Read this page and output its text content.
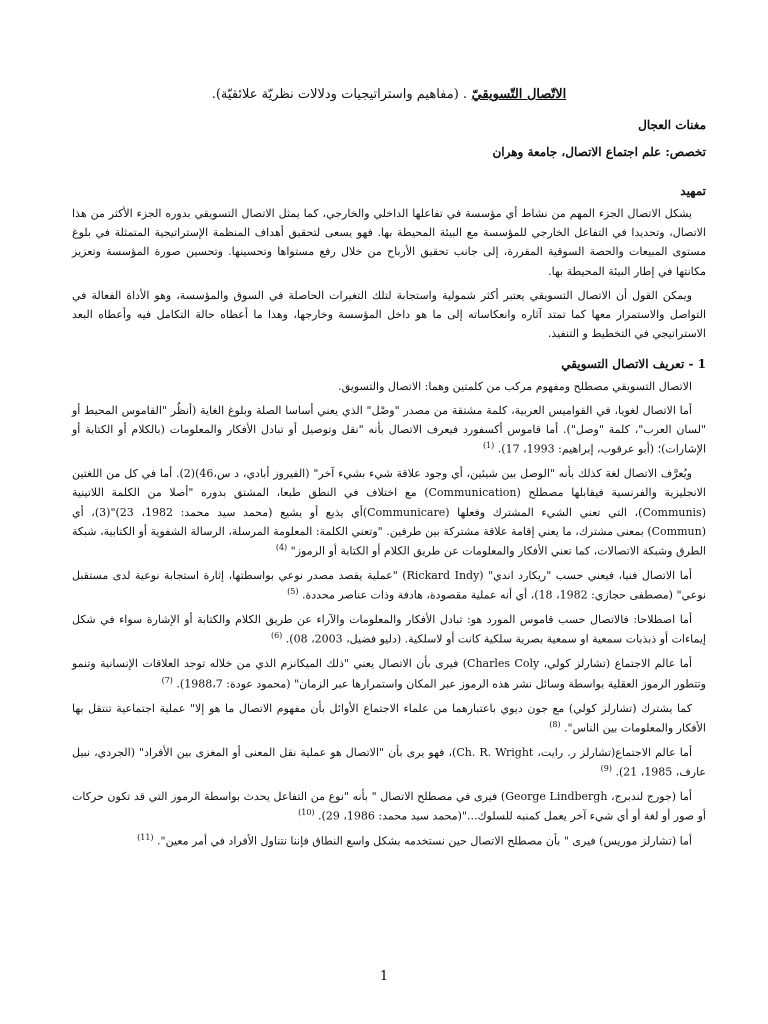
الاتّصال التّسويقيّ . (مفاهيم واستراتيجيات ودلالات نظريّة علائقيّة).
مغنات العجال
تخصص: علم اجتماع الاتصال، جامعة وهران
تمهيد

يشكل الاتصال الجزء المهم من نشاط أي مؤسسة في تفاعلها الداخلي والخارجي، كما يمثل الاتصال التسويقي بدوره الجزء الأكثر من هذا الاتصال، وتحديدا في التفاعل الخارجي للمؤسسة مع البيئة المحيطة بها. فهو يسعى لتحقيق أهداف المنظمة الإستراتيجية المتمثلة في بلوغ مستوى المبيعات والحصة السوقية المقررة، إلى جانب تحقيق الأرباح من خلال رفع مستواها وتحسينها. وتحسين صورة المؤسسة وتعزيز مكانتها في إطار البيئة المحيطة بها.

ويمكن القول أن الاتصال التسويقي يعتبر أكثر شمولية واستجابة لتلك التغيرات الحاصلة في السوق والمؤسسة، وهو الأداة الفعالة في التواصل والاستمرار معها كما تمتد آثاره وانعكاساته إلى ما هو داخل المؤسسة وخارجها، وهذا ما أعطاه حالة التكامل فيه وأعطاه البعد الاستراتيجي في التخطيط و التنفيذ.

1 - تعريف الاتصال التسويقي

الاتصال التسويقي مصطلح ومفهوم مركب من كلمتين وهما: الاتصال والتسويق.

أما الاتصال لغويا، في القواميس العربية، كلمة مشتقة من مصدر "وصْل" الذي يعني أساسا الصلة وبلوغ الغاية (أنظُر "القاموس المحيط أو "لسان العرب"، كلمة "وصل"). أما قاموس أكسفورد فيعرف الاتصال بأنه "نقل وتوصيل أو تبادل الأفكار والمعلومات (بالكلام أو الكتابة أو الإشارات)؛ (أبو عرقوب، إبراهيم: 1993، 17). $^{(1)}$

ويُعرَّف الاتصال لغة كذلك بأنه "الوصل بين شيئين، أي وجود علاقة شيء بشيء آخر" (الفيروز أبادي، د س،46)(2). أما في كل من اللغتين الانجليزية والفرنسية فيقابلها مصطلح (Communication) مع اختلاف في النطق طبعا، المشتق بدوره "أصلا من الكلمة اللاتينية (Communis)، التي تعني الشيء المشترك وفعلها (Communicare)أي يذيع أو يشيع (محمد سيد محمد: 1982، 23)"(3)، أي (Commun) بمعنى مشترك، ما يعني إقامة علاقة مشتركة بين طرفين. "وتعني الكلمة: المعلومة المرسلة، الرسالة الشفوية أو الكتابية، شبكة الطرق وشبكة الاتصالات، كما تعني الأفكار والمعلومات عن طريق الكلام أو الكتابة أو الرموز" $^{(4)}$

أما الاتصال فنيا، فيعني حسب "ريكارد اندي" (Rickard Indy) "عملية يقصد مصدر نوعي بواسطتها، إثارة استجابة نوعية لدى مستقبل نوعي" (مصطفى حجازي: 1982، 18)، أي أنه عملية مقصودة، هادفة وذات عناصر محددة. $^{(5)}$

أما اصطلاحا: فالاتصال حسب قاموس المورد هو: تبادل الأفكار والمعلومات والآراء عن طريق الكلام والكتابة أو الإشارة سواء في شكل إيماءات أو ذبذبات سمعية او سمعية بصرية سلكية كانت أو لاسلكية. (دليو فضيل، 2003، 08). $^{(6)}$

أما عالم الاجتماع (تشارلز كولي، Charles Coly) فيرى بأن الاتصال يعني "ذلك الميكانزم الذي من خلاله توجد العلاقات الإنسانية وتنمو وتتطور الرموز العقلية بواسطة وسائل نشر هذه الرموز عبر المكان واستمرارها عبر الزمان" (محمود عودة: 1988،7). $^{(7)}$

كما يشترك (تشارلز كولي) مع جون ديوي باعتبارهما من علماء الاجتماع الأوائل بأن مفهوم الاتصال ما هو إلا" عملية اجتماعية تنتقل بها الأفكار والمعلومات بين الناس". $^{(8)}$

أما عالم الاجتماع(تشارلز ر. رايت، Ch. R. Wright)، فهو يرى بأن "الاتصال هو عملية نقل المعنى أو المغزى بين الأفراد" (الجردي، نبيل عارف، 1985، 21). $^{(9)}$

أما (جورج لندبرج، George Lindbergh) فيرى في مصطلح الاتصال " بأنه "نوع من التفاعل يحدث بواسطة الرموز التي قد تكون حركات أو صور أو لغة أو أي شيء آخر يعمل كمنبه للسلوك..."(محمد سيد محمد: 1986، 29). $^{(10)}$

أما (تشارلز موريس) فيرى " بأن مصطلح الاتصال حين نستخدمه بشكل واسع النطاق فإننا نتناول الأفراد في أمر معين". $^{(11)}$

1
